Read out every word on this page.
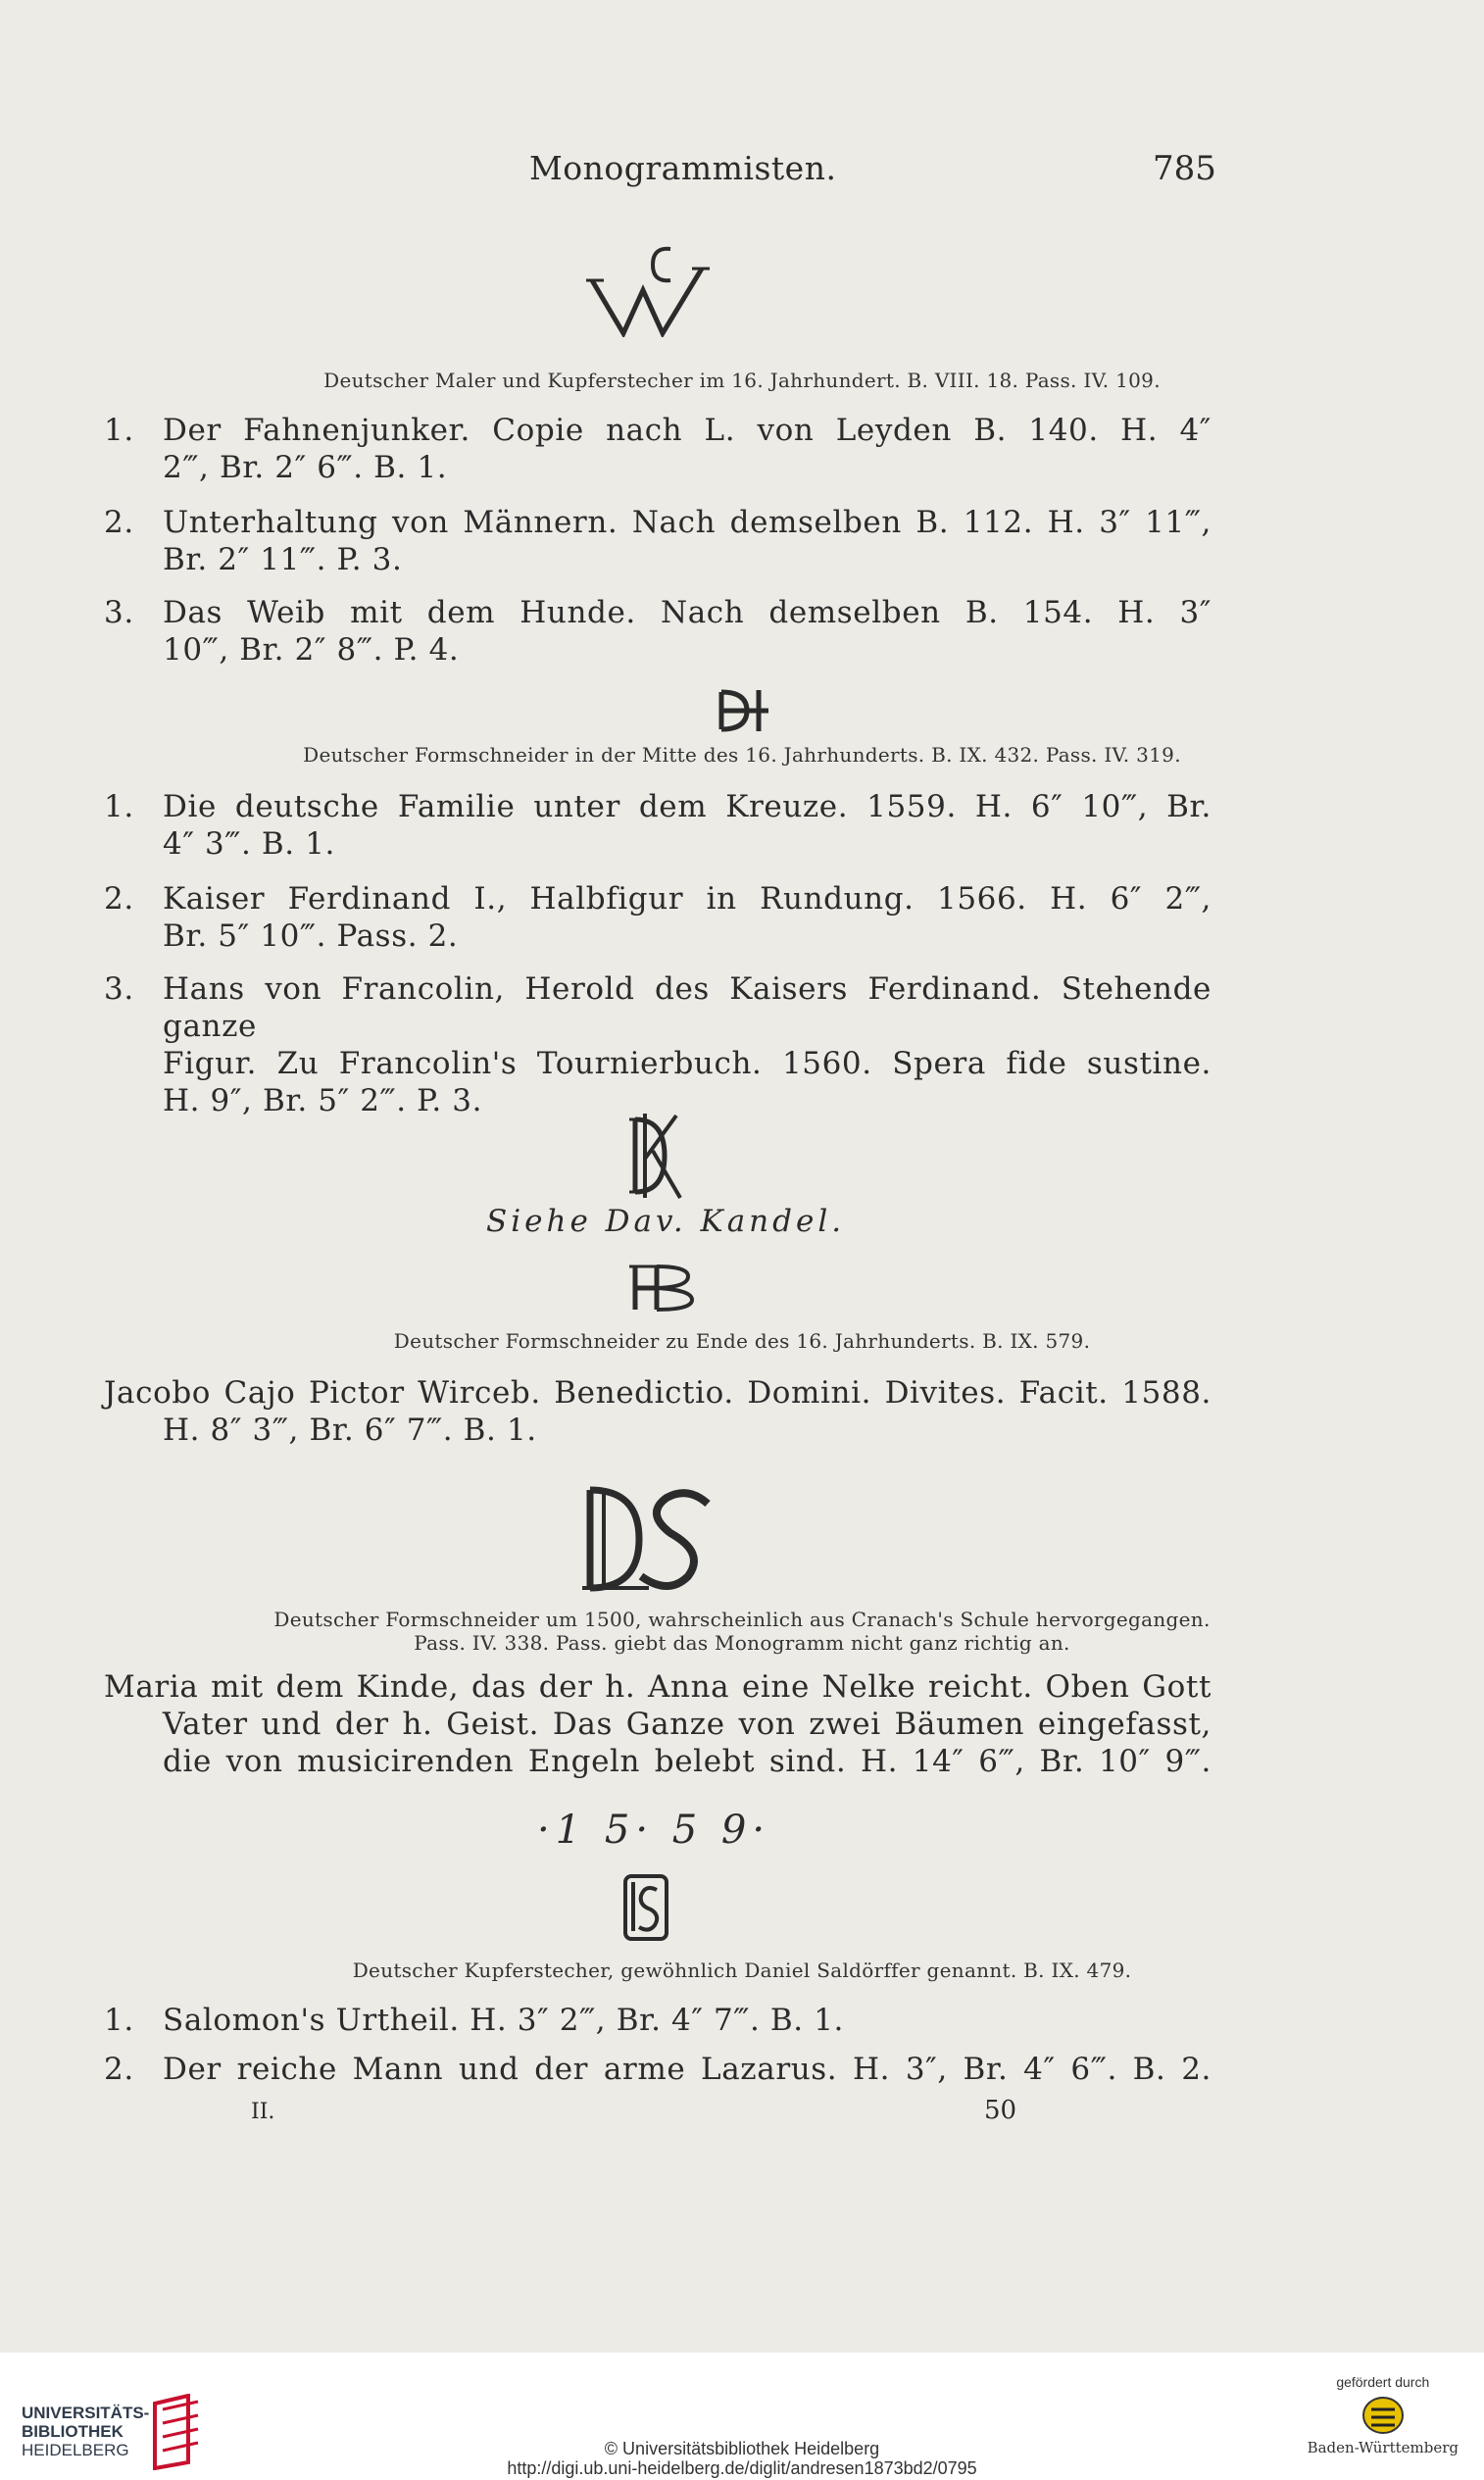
Monogrammisten.	785
Deutscher Maler und Kupferstecher im 16. Jahrhundert. B. VIII. 18. Pass. IV. 109.
1. Der Fahnenjunker. Copie nach L. von Leyden B. 140. H. 4″
2‴, Br. 2″ 6‴. B. 1.
2. Unterhaltung von Männern. Nach demselben B. 112. H. 3″ 11‴,
Br. 2″ 11‴. P. 3.
3. Das Weib mit dem Hunde. Nach demselben B. 154. H. 3″
10‴, Br. 2″ 8‴. P. 4.
Deutscher Formschneider in der Mitte des 16. Jahrhunderts. B. IX. 432. Pass. IV. 319.
1. Die deutsche Familie unter dem Kreuze. 1559. H. 6″ 10‴, Br.
4″ 3‴. B. 1.
2. Kaiser Ferdinand I., Halbfigur in Rundung. 1566. H. 6″ 2‴,
Br. 5″ 10‴. Pass. 2.
3. Hans von Francolin, Herold des Kaisers Ferdinand. Stehende ganze
Figur. Zu Francolin's Tournierbuch. 1560. Spera fide sustine.
H. 9″, Br. 5″ 2‴. P. 3.
Siehe Dav. Kandel.
Deutscher Formschneider zu Ende des 16. Jahrhunderts. B. IX. 579.
Jacobo Cajo Pictor Wirceb. Benedictio. Domini. Divites. Facit. 1588.
H. 8″ 3‴, Br. 6″ 7‴. B. 1.
Deutscher Formschneider um 1500, wahrscheinlich aus Cranach's Schule hervorgegangen.
Pass. IV. 338. Pass. giebt das Monogramm nicht ganz richtig an.
Maria mit dem Kinde, das der h. Anna eine Nelke reicht. Oben Gott
Vater und der h. Geist. Das Ganze von zwei Bäumen eingefasst,
die von musicirenden Engeln belebt sind. H. 14″ 6‴, Br. 10″ 9‴.
·1 5· 5 9·
Deutscher Kupferstecher, gewöhnlich Daniel Saldörffer genannt. B. IX. 479.
1. Salomon's Urtheil. H. 3″ 2‴, Br. 4″ 7‴. B. 1.
2. Der reiche Mann und der arme Lazarus. H. 3″, Br. 4″ 6‴. B. 2.
II.	50
UNIVERSITÄTS-
BIBLIOTHEK
HEIDELBERG	© Universitätsbibliothek Heidelberg
http://digi.ub.uni-heidelberg.de/diglit/andresen1873bd2/0795
gefördert durch
Baden-Württemberg
